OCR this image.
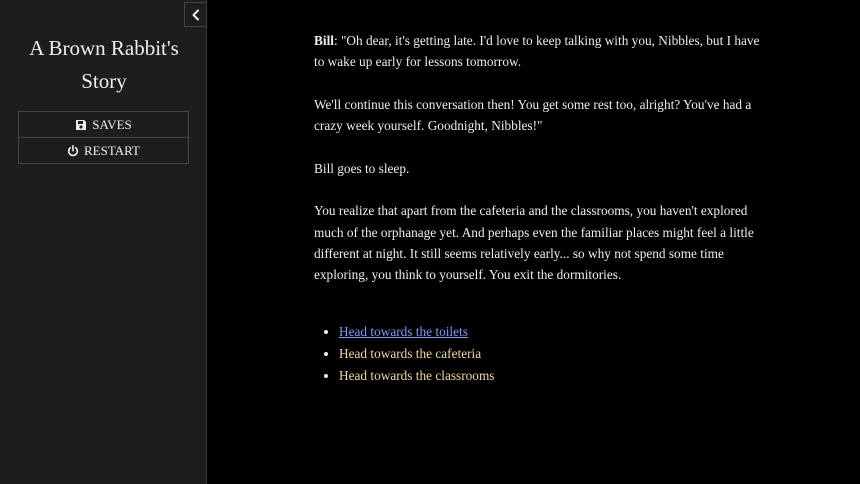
A Brown Rabbit's Story
SAVES
RESTART

Bill: "Oh dear, it's getting late. I'd love to keep talking with you, Nibbles, but I have to wake up early for lessons tomorrow.

We'll continue this conversation then! You get some rest too, alright? You've had a crazy week yourself. Goodnight, Nibbles!"

Bill goes to sleep.

You realize that apart from the cafeteria and the classrooms, you haven't explored much of the orphanage yet. And perhaps even the familiar places might feel a little different at night. It still seems relatively early... so why not spend some time exploring, you think to yourself. You exit the dormitories.

• Head towards the toilets
• Head towards the cafeteria
• Head towards the classrooms
